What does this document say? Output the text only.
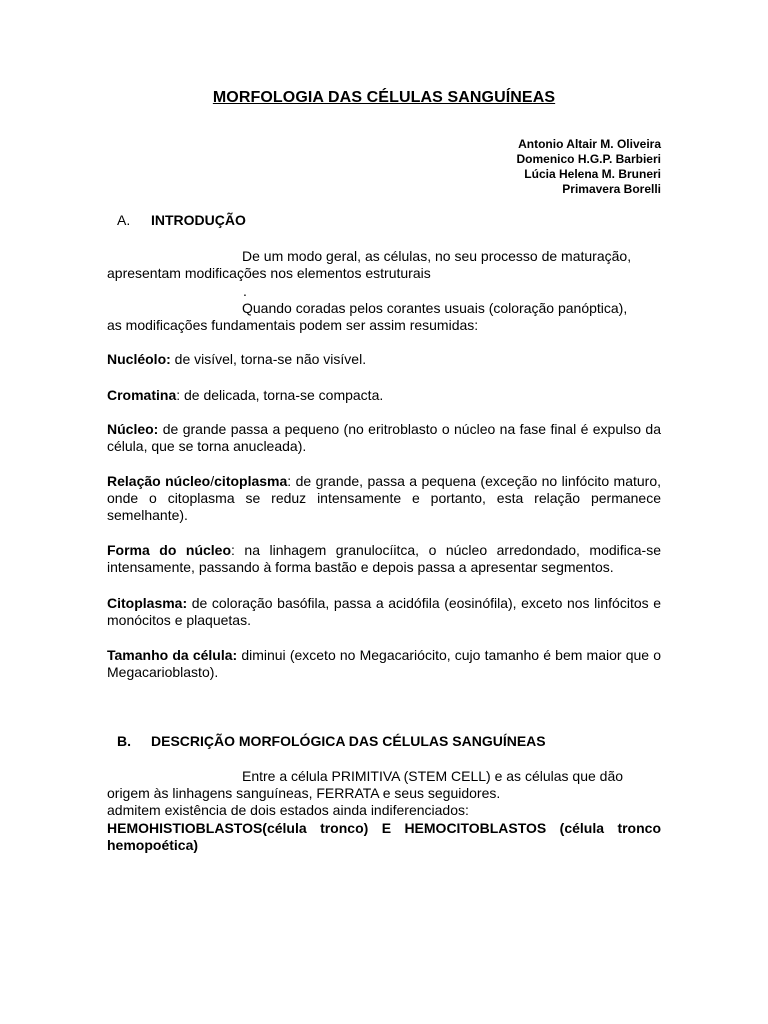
MORFOLOGIA DAS CÉLULAS SANGUÍNEAS
Antonio Altair M. Oliveira
Domenico H.G.P. Barbieri
Lúcia Helena M. Bruneri
Primavera Borelli
A. INTRODUÇÃO
De um modo geral, as células, no seu processo de maturação,
apresentam modificações nos elementos estruturais
.
Quando coradas pelos corantes usuais (coloração panóptica),
as modificações fundamentais podem ser assim resumidas:
Nucléolo: de visível, torna-se não visível.
Cromatina: de delicada, torna-se compacta.
Núcleo: de grande passa a pequeno (no eritroblasto o núcleo na fase final é expulso da célula, que se torna anucleada).
Relação núcleo/citoplasma: de grande, passa a pequena (exceção no linfócito maturo, onde o citoplasma se reduz intensamente e portanto, esta relação permanece semelhante).
Forma do núcleo: na linhagem granulocíitca, o núcleo arredondado, modifica-se intensamente, passando à forma bastão e depois passa a apresentar segmentos.
Citoplasma: de coloração basófila, passa a acidófila (eosinófila), exceto nos linfócitos e monócitos e plaquetas.
Tamanho da célula: diminui (exceto no Megacariócito, cujo tamanho é bem maior que o Megacarioblasto).
B. DESCRIÇÃO MORFOLÓGICA DAS CÉLULAS SANGUÍNEAS
Entre a célula PRIMITIVA (STEM CELL) e as células que dão
origem às linhagens sanguíneas, FERRATA e seus seguidores.
admitem existência de dois estados ainda indiferenciados:
HEMOHISTIOBLASTOS(célula tronco) E HEMOCITOBLASTOS (célula tronco hemopoética)
